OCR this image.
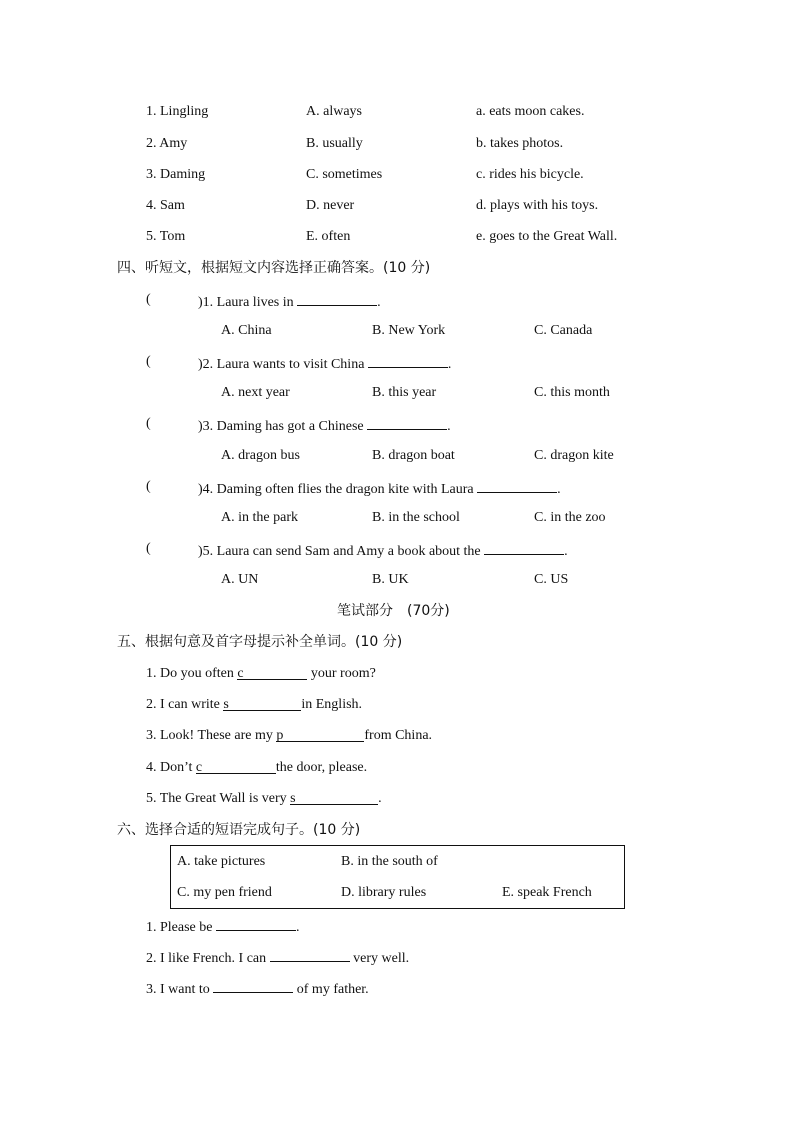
1. Lingling	A. always	a. eats moon cakes.
2. Amy	B. usually	b. takes photos.
3. Daming	C. sometimes	c. rides his bicycle.
4. Sam	D. never	d. plays with his toys.
5. Tom	E. often	e. goes to the Great Wall.
四、听短文，根据短文内容选择正确答案。(10 分)
(	)1. Laura lives in	.
A. China	B. New York	C. Canada
(	)2. Laura wants to visit China	.
A. next year	B. this year	C. this month
(	)3. Daming has got a Chinese	.
A. dragon bus	B. dragon boat	C. dragon kite
(	)4. Daming often flies the dragon kite with Laura	.
A. in the park	B. in the school	C. in the zoo
(	)5. Laura can send Sam and Amy a book about the	.
A. UN	B. UK	C. US
笔试部分　(70分)
五、根据句意及首字母提示补全单词。(10 分)
1. Do you often c	your room?
2. I can write s	in English.
3. Look! These are my p	from China.
4. Don’t c	the door, please.
5. The Great Wall is very s	.
六、选择合适的短语完成句子。(10 分)
A. take pictures	B. in the south of
C. my pen friend	D. library rules	E. speak French
1. Please be	.
2. I like French. I can	very well.
3. I want to	of my father.
